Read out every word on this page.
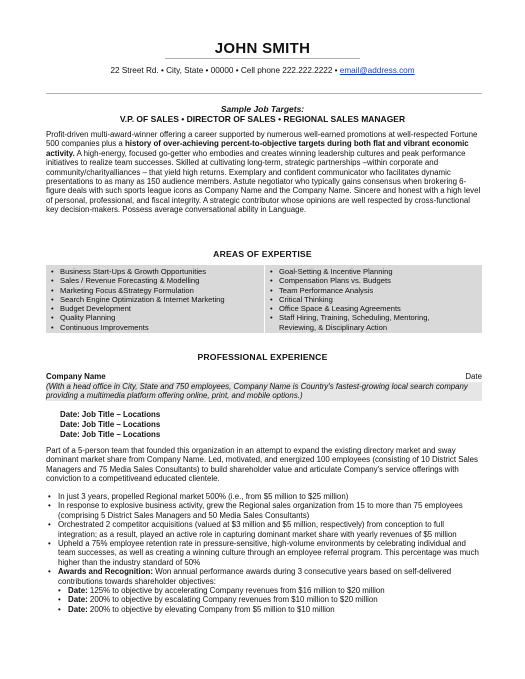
JOHN SMITH
22 Street Rd. • City, State • 00000 • Cell phone 222.222.2222 • email@address.com
Sample Job Targets:
V.P. OF SALES • DIRECTOR OF SALES • REGIONAL SALES MANAGER
Profit-driven multi-award-winner offering a career supported by numerous well-earned promotions at well-respected Fortune 500 companies plus a history of over-achieving percent-to-objective targets during both flat and vibrant economic activity. A high-energy, focused go-getter who embodies and creates winning leadership cultures and peak performance initiatives to realize team successes. Skilled at cultivating long-term, strategic partnerships –within corporate and community/charityalliances – that yield high returns. Exemplary and confident communicator who facilitates dynamic presentations to as many as 150 audience members. Astute negotiator who typically gains consensus when brokering 6-figure deals with such sports league icons as Company Name and the Company Name. Sincere and honest with a high level of personal, professional, and fiscal integrity. A strategic contributor whose opinions are well respected by cross-functional key decision-makers. Possess average conversational ability in Language.
AREAS OF EXPERTISE
• Business Start-Ups & Growth Opportunities
• Sales / Revenue Forecasting & Modelling
• Marketing Focus &Strategy Formulation
• Search Engine Optimization & Internet Marketing
• Budget Development
• Quality Planning
• Continuous Improvements
• Goal-Setting & Incentive Planning
• Compensation Plans vs. Budgets
• Team Performance Analysis
• Critical Thinking
• Office Space & Leasing Agreements
• Staff Hiring, Training, Scheduling, Mentoring,
Reviewing, & Disciplinary Action
PROFESSIONAL EXPERIENCE
Company Name	Date
(With a head office in City, State and 750 employees, Company Name is Country's fastest-growing local search company providing a multimedia platform offering online, print, and mobile options.)
Date: Job Title – Locations
Date: Job Title – Locations
Date: Job Title – Locations
Part of a 5-person team that founded this organization in an attempt to expand the existing directory market and sway dominant market share from Company Name. Led, motivated, and energized 100 employees (consisting of 10 District Sales Managers and 75 Media Sales Consultants) to build shareholder value and articulate Company's service offerings with conviction to a competitiveand educated clientele.
• In just 3 years, propelled Regional market 500% (i.e., from $5 million to $25 million)
• In response to explosive business activity, grew the Regional sales organization from 15 to more than 75 employees (comprising 5 District Sales Managers and 50 Media Sales Consultants)
• Orchestrated 2 competitor acquisitions (valued at $3 million and $5 million, respectively) from conception to full integration; as a result, played an active role in capturing dominant market share with yearly revenues of $5 million
• Upheld a 75% employee retention rate in pressure-sensitive, high-volume environments by celebrating individual and team successes, as well as creating a winning culture through an employee referral program. This percentage was much higher than the industry standard of 50%
• Awards and Recognition: Won annual performance awards during 3 consecutive years based on self-delivered contributions towards shareholder objectives:
• Date: 125% to objective by accelerating Company revenues from $16 million to $20 million
• Date: 200% to objective by escalating Company revenues from $10 million to $20 million
• Date: 200% to objective by elevating Company from $5 million to $10 million
